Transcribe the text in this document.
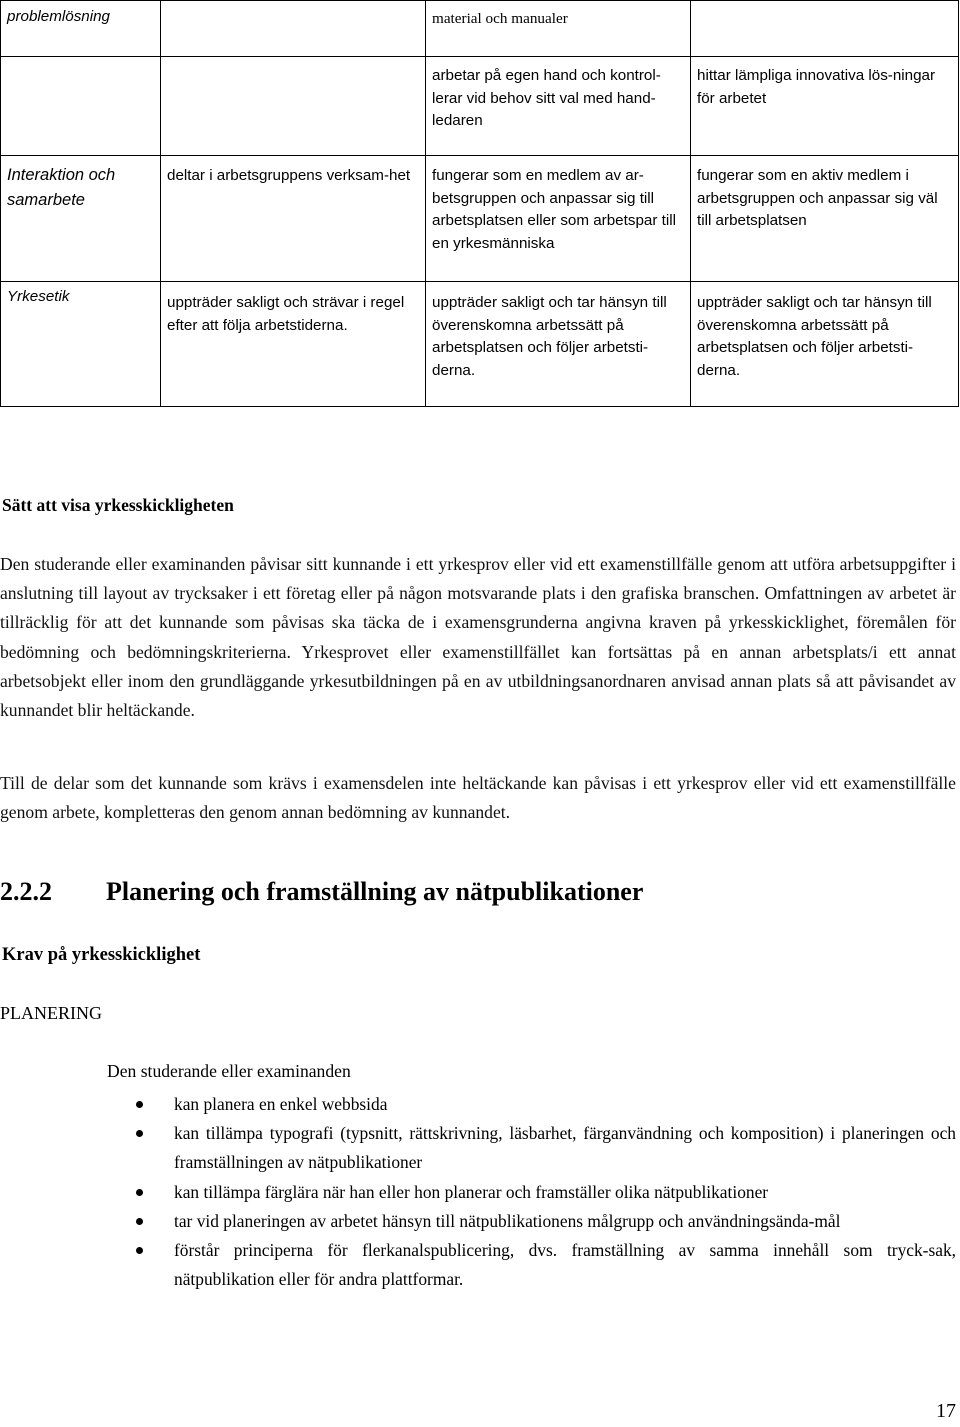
problemlösning		material och manualer	
		arbetar på egen hand och kontrol-lerar vid behov sitt val med hand-ledaren	hittar lämpliga innovativa lös-ningar för arbetet
Interaktion och samarbete	deltar i arbetsgruppens verksam-het	fungerar som en medlem av ar-betsgruppen och anpassar sig till arbetsplatsen eller som arbetspar till en yrkesmänniska	fungerar som en aktiv medlem i arbetsgruppen och anpassar sig väl till arbetsplatsen
Yrkesetik	uppträder sakligt och strävar i regel efter att följa arbetstiderna.	uppträder sakligt och tar hänsyn till överenskomna arbetssätt på arbetsplatsen och följer arbetsti-derna.	uppträder sakligt och tar hänsyn till överenskomna arbetssätt på arbetsplatsen och följer arbetsti-derna.
Sätt att visa yrkesskickligheten

Den studerande eller examinanden påvisar sitt kunnande i ett yrkesprov eller vid ett examenstillfälle genom att utföra arbetsuppgifter i anslutning till layout av trycksaker i ett företag eller på någon motsvarande plats i den grafiska branschen. Omfattningen av arbetet är tillräcklig för att det kunnande som påvisas ska täcka de i examensgrunderna angivna kraven på yrkesskicklighet, föremålen för bedömning och bedömningskriterierna. Yrkesprovet eller examenstillfället kan fortsättas på en annan arbetsplats/i ett annat arbetsobjekt eller inom den grundläggande yrkesutbildningen på en av utbildningsanordnaren anvisad annan plats så att påvisandet av kunnandet blir heltäckande.

Till de delar som det kunnande som krävs i examensdelen inte heltäckande kan påvisas i ett yrkesprov eller vid ett examenstillfälle genom arbete, kompletteras den genom annan bedömning av kunnandet.

2.2.2 Planering och framställning av nätpublikationer
Krav på yrkesskicklighet
PLANERING
Den studerande eller examinanden
kan planera en enkel webbsida
kan tillämpa typografi (typsnitt, rättskrivning, läsbarhet, färganvändning och komposition) i planeringen och framställningen av nätpublikationer
kan tillämpa färglära när han eller hon planerar och framställer olika nätpublikationer
tar vid planeringen av arbetet hänsyn till nätpublikationens målgrupp och användningsända-mål
förstår principerna för flerkanalspublicering, dvs. framställning av samma innehåll som tryck-sak, nätpublikation eller för andra plattformar.
17
